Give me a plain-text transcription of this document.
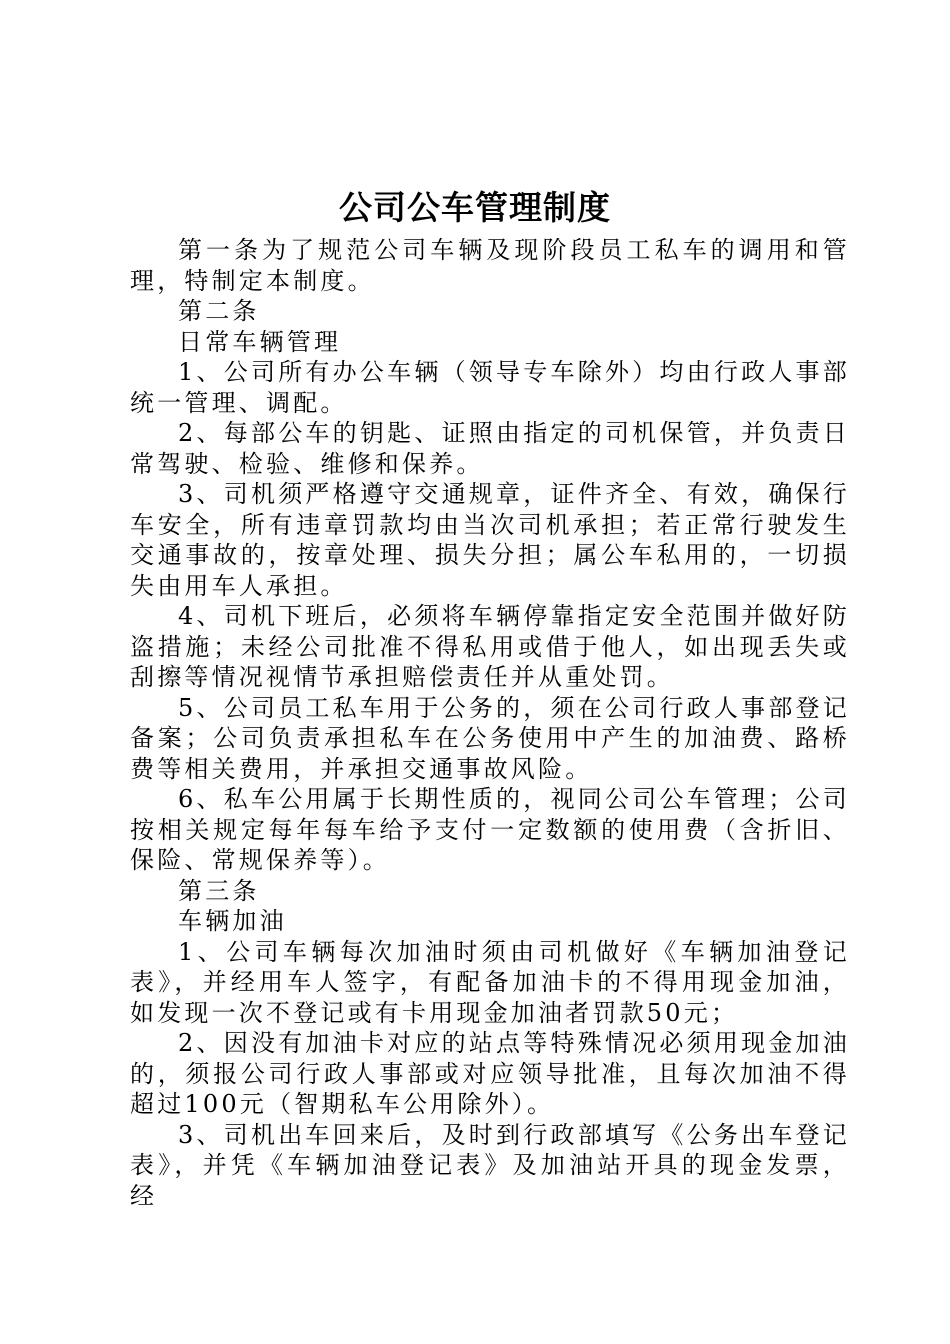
公司公车管理制度

第一条为了规范公司车辆及现阶段员工私车的调用和管理，特制定本制度。

第二条

日常车辆管理

1、公司所有办公车辆（领导专车除外）均由行政人事部统一管理、调配。

2、每部公车的钥匙、证照由指定的司机保管，并负责日常驾驶、检验、维修和保养。

3、司机须严格遵守交通规章，证件齐全、有效，确保行车安全，所有违章罚款均由当次司机承担；若正常行驶发生交通事故的，按章处理、损失分担；属公车私用的，一切损失由用车人承担。

4、司机下班后，必须将车辆停靠指定安全范围并做好防盗措施；未经公司批准不得私用或借于他人，如出现丢失或刮擦等情况视情节承担赔偿责任并从重处罚。

5、公司员工私车用于公务的，须在公司行政人事部登记备案；公司负责承担私车在公务使用中产生的加油费、路桥费等相关费用，并承担交通事故风险。

6、私车公用属于长期性质的，视同公司公车管理；公司按相关规定每年每车给予支付一定数额的使用费（含折旧、保险、常规保养等）。

第三条

车辆加油

1、公司车辆每次加油时须由司机做好《车辆加油登记表》，并经用车人签字，有配备加油卡的不得用现金加油，如发现一次不登记或有卡用现金加油者罚款50元；

2、因没有加油卡对应的站点等特殊情况必须用现金加油的，须报公司行政人事部或对应领导批准，且每次加油不得超过100元（智期私车公用除外）。

3、司机出车回来后，及时到行政部填写《公务出车登记表》，并凭《车辆加油登记表》及加油站开具的现金发票，经
